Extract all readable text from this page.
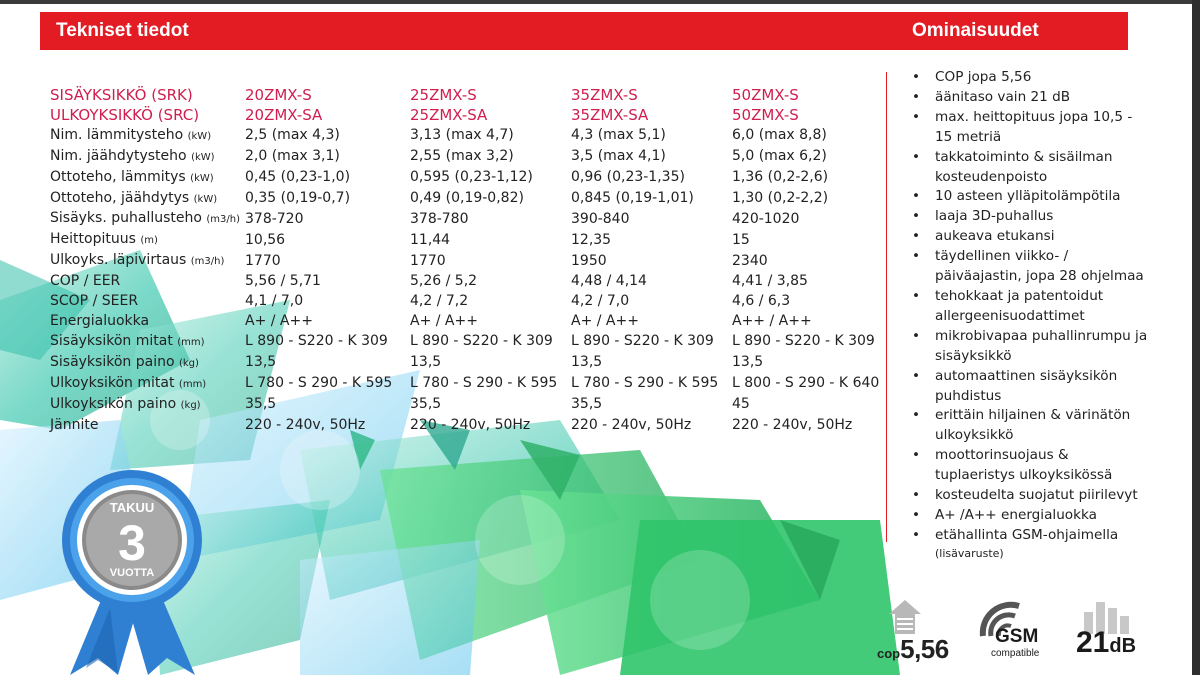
Tekniset tiedot	Ominaisuudet
SISÄYKSIKKÖ (SRK)	20ZMX-S	25ZMX-S	35ZMX-S	50ZMX-S
ULKOYKSIKKÖ (SRC)	20ZMX-SA	25ZMX-SA	35ZMX-SA	50ZMX-S
Nim. lämmitysteho (kW)	2,5 (max 4,3)	3,13 (max 4,7)	4,3 (max 5,1)	6,0 (max 8,8)
Nim. jäähdytysteho (kW)	2,0 (max 3,1)	2,55 (max 3,2)	3,5 (max 4,1)	5,0 (max 6,2)
Ottoteho, lämmitys (kW)	0,45 (0,23-1,0)	0,595 (0,23-1,12)	0,96 (0,23-1,35)	1,36 (0,2-2,6)
Ottoteho, jäähdytys (kW)	0,35 (0,19-0,7)	0,49 (0,19-0,82)	0,845 (0,19-1,01)	1,30 (0,2-2,2)
Sisäyks. puhallusteho (m3/h)	378-720	378-780	390-840	420-1020
Heittopituus (m)	10,56	11,44	12,35	15
Ulkoyks. läpivirtaus (m3/h)	1770	1770	1950	2340
COP / EER	5,56 / 5,71	5,26 / 5,2	4,48 / 4,14	4,41 / 3,85
SCOP / SEER	4,1 / 7,0	4,2 / 7,2	4,2 / 7,0	4,6 / 6,3
Energialuokka	A+ / A++	A+ / A++	A+ / A++	A++ / A++
Sisäyksikön mitat (mm)	L 890 - S220 - K 309	L 890 - S220 - K 309	L 890 - S220 - K 309	L 890 - S220 - K 309
Sisäyksikön paino (kg)	13,5	13,5	13,5	13,5
Ulkoyksikön mitat (mm)	L 780 - S 290 - K 595	L 780 - S 290 - K 595	L 780 - S 290 - K 595	L 800 - S 290 - K 640
Ulkoyksikön paino (kg)	35,5	35,5	35,5	45
Jännite	220 - 240v, 50Hz	220 - 240v, 50Hz	220 - 240v, 50Hz	220 - 240v, 50Hz
• COP jopa 5,56
• äänitaso vain 21 dB
• max. heittopituus jopa 10,5 - 15 metriä
• takkatoiminto & sisäilman kosteudenpoisto
• 10 asteen ylläpitolämpötila
• laaja 3D-puhallus
• aukeava etukansi
• täydellinen viikko- / päiväajastin, jopa 28 ohjelmaa
• tehokkaat ja patentoidut allergeenisuodattimet
• mikrobivapaa puhallinrumpu ja sisäyksikkö
• automaattinen sisäyksikön puhdistus
• erittäin hiljainen & värinätön ulkoyksikkö
• moottorinsuojaus & tuplaeristys ulkoyksikössä
• kosteudelta suojatut piirilevyt
• A+ /A++ energialuokka
• etähallinta GSM-ohjaimella
(lisävaruste)
cop5,56 GSM
compatible 21dB
TAKUU
3
VUOTTA
